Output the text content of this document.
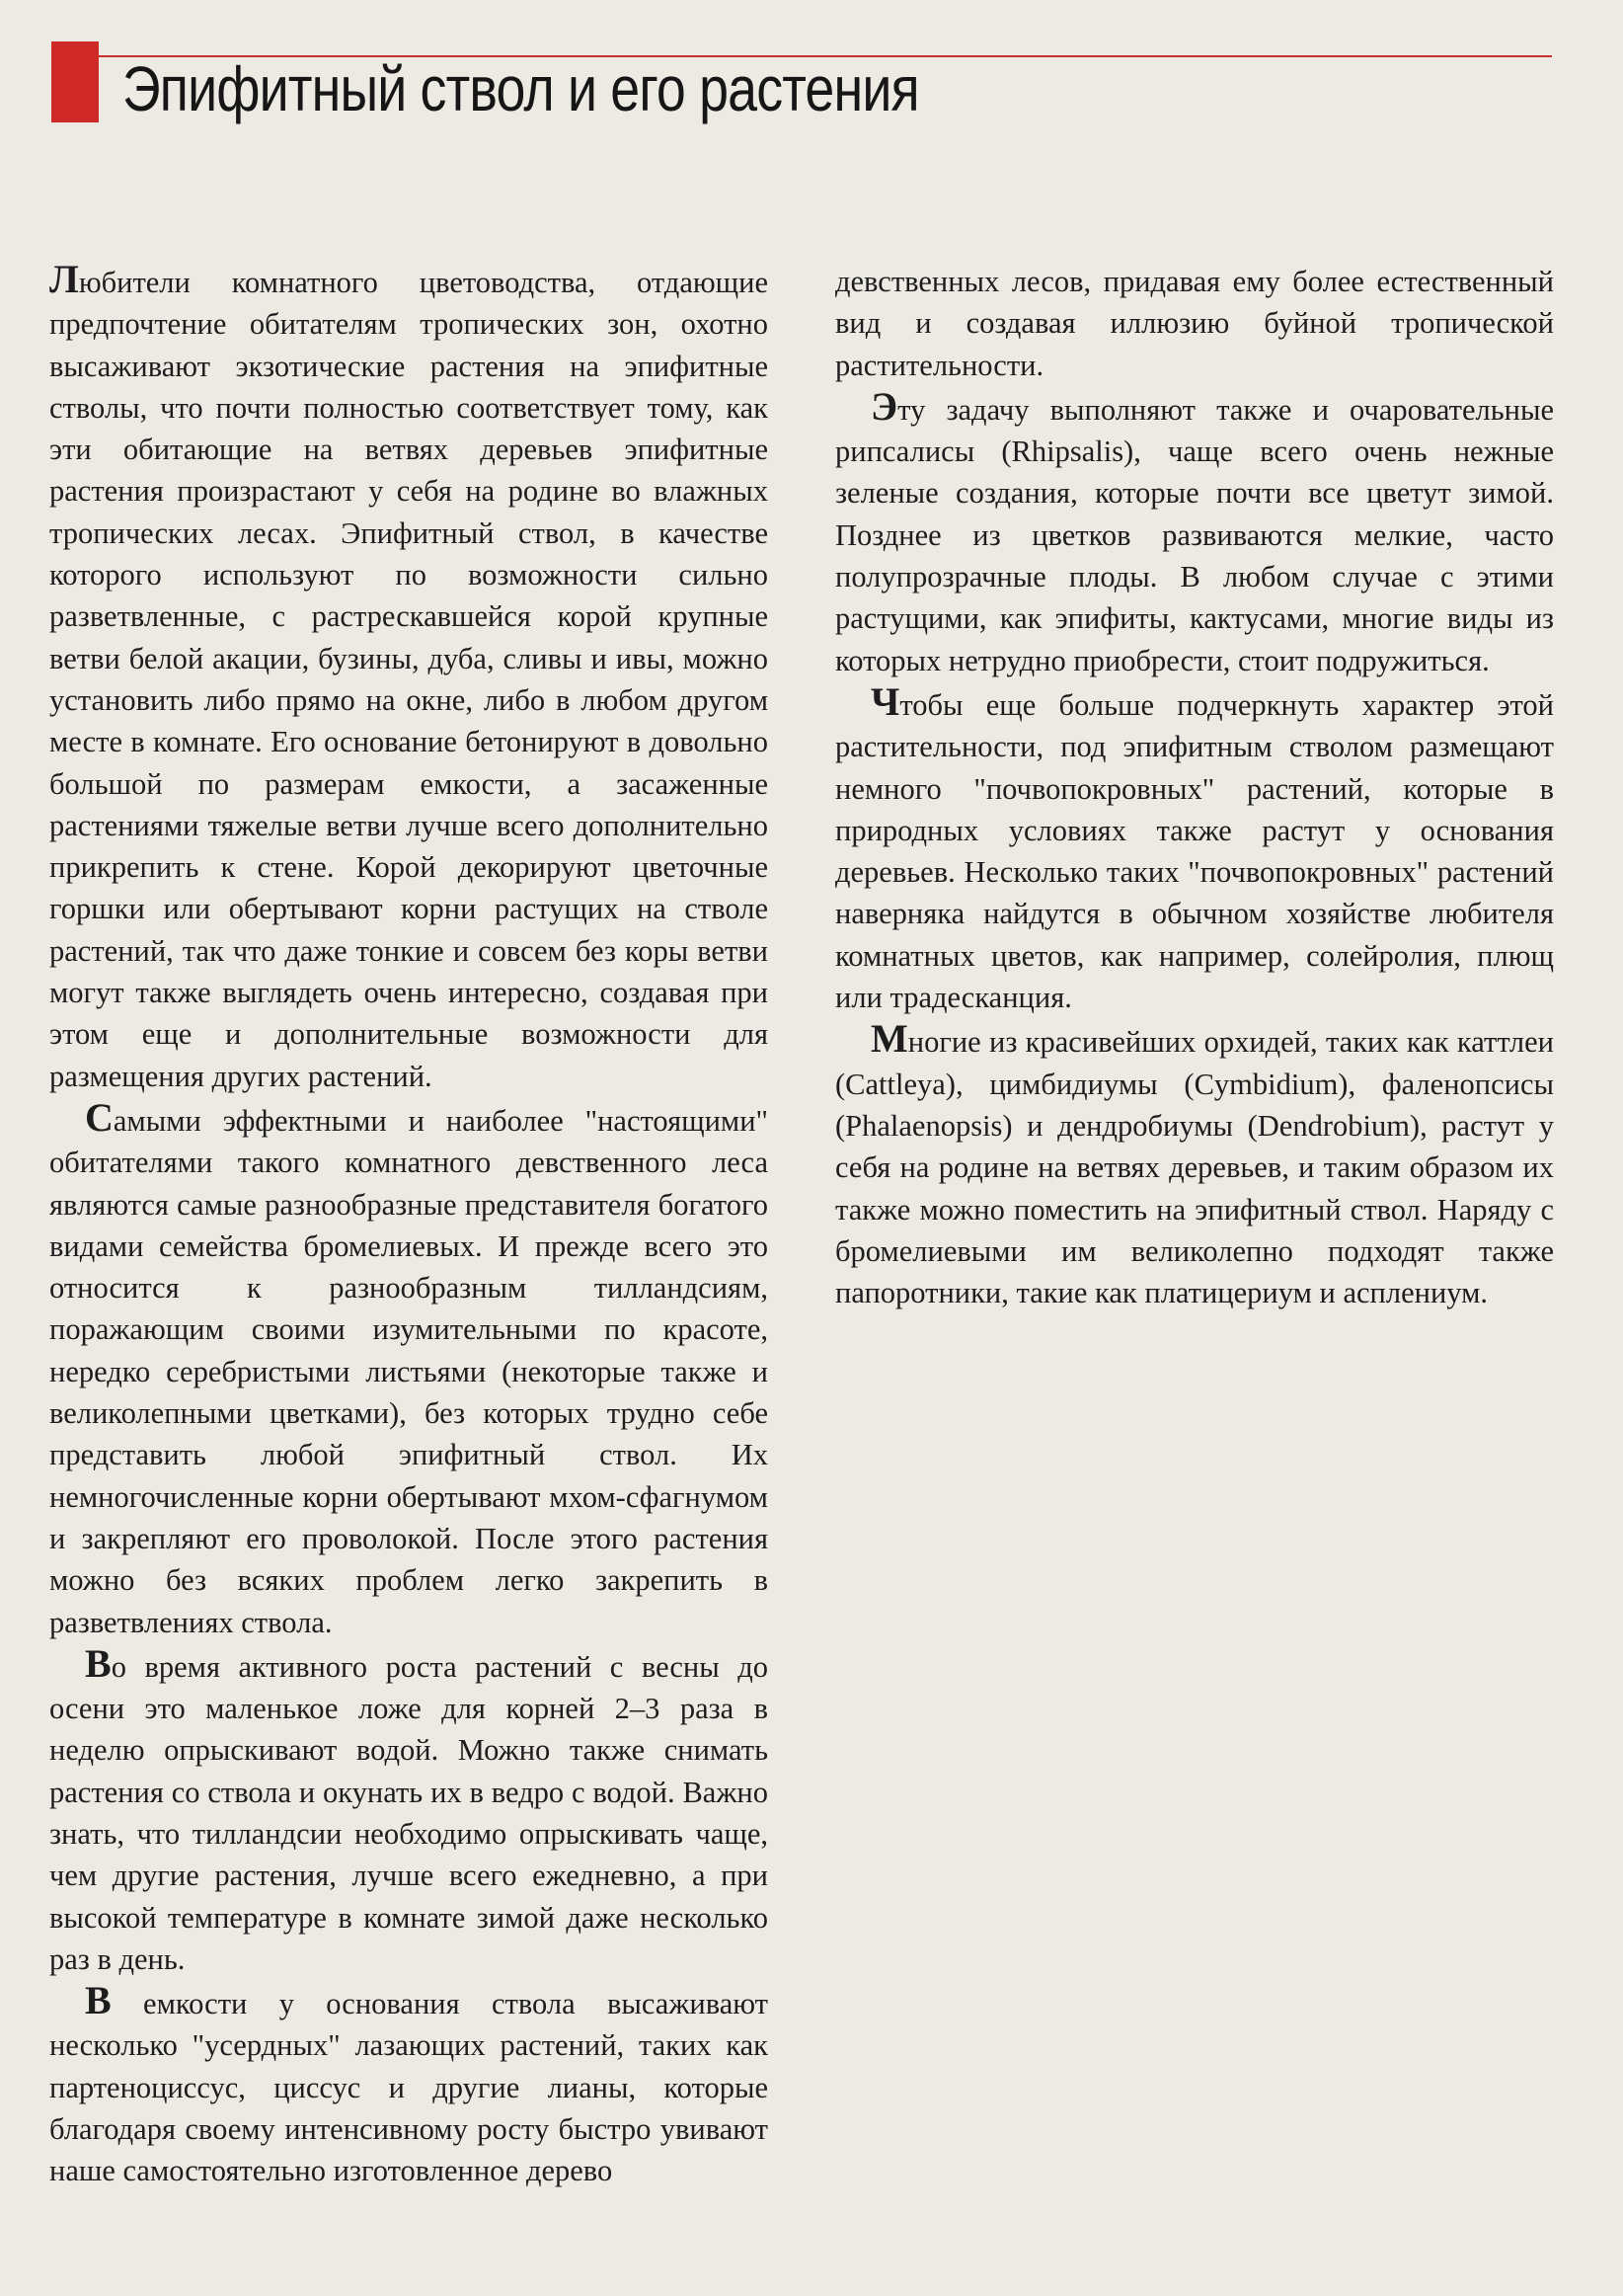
Эпифитный ствол и его растения

Любители комнатного цветоводства, отдающие предпочтение обитателям тропических зон, охотно высаживают экзотические растения на эпифитные стволы, что почти полностью соответствует тому, как эти обитающие на ветвях деревьев эпифитные растения произрастают у себя на родине во влажных тропических лесах. Эпифитный ствол, в качестве которого используют по возможности сильно разветвленные, с растрескавшейся корой крупные ветви белой акации, бузины, дуба, сливы и ивы, можно установить либо прямо на окне, либо в любом другом месте в комнате. Его основание бетонируют в довольно большой по размерам емкости, а засаженные растениями тяжелые ветви лучше всего дополнительно прикрепить к стене. Корой декорируют цветочные горшки или обертывают корни растущих на стволе растений, так что даже тонкие и совсем без коры ветви могут также выглядеть очень интересно, создавая при этом еще и дополнительные возможности для размещения других растений.

Самыми эффектными и наиболее "настоящими" обитателями такого комнатного девственного леса являются самые разнообразные представителя богатого видами семейства бромелиевых. И прежде всего это относится к разнообразным тилландсиям, поражающим своими изумительными по красоте, нередко серебристыми листьями (некоторые также и великолепными цветками), без которых трудно себе представить любой эпифитный ствол. Их немногочисленные корни обертывают мхом-сфагнумом и закрепляют его проволокой. После этого растения можно без всяких проблем легко закрепить в разветвлениях ствола.

Во время активного роста растений с весны до осени это маленькое ложе для корней 2–3 раза в неделю опрыскивают водой. Можно также снимать растения со ствола и окунать их в ведро с водой. Важно знать, что тилландсии необходимо опрыскивать чаще, чем другие растения, лучше всего ежедневно, а при высокой температуре в комнате зимой даже несколько раз в день.

В емкости у основания ствола высаживают несколько "усердных" лазающих растений, таких как партеноциссус, циссус и другие лианы, которые благодаря своему интенсивному росту быстро увивают наше самостоятельно изготовленное дерево

девственных лесов, придавая ему более естественный вид и создавая иллюзию буйной тропической растительности.

Эту задачу выполняют также и очаровательные рипсалисы (Rhipsalis), чаще всего очень нежные зеленые создания, которые почти все цветут зимой. Позднее из цветков развиваются мелкие, часто полупрозрачные плоды. В любом случае с этими растущими, как эпифиты, кактусами, многие виды из которых нетрудно приобрести, стоит подружиться.

Чтобы еще больше подчеркнуть характер этой растительности, под эпифитным стволом размещают немного "почвопокровных" растений, которые в природных условиях также растут у основания деревьев. Несколько таких "почвопокровных" растений наверняка найдутся в обычном хозяйстве любителя комнатных цветов, как например, солейролия, плющ или традесканция.

Многие из красивейших орхидей, таких как каттлеи (Cattleya), цимбидиумы (Cymbidium), фаленопсисы (Phalaenopsis) и дендробиумы (Dendrobium), растут у себя на родине на ветвях деревьев, и таким образом их также можно поместить на эпифитный ствол. Наряду с бромелиевыми им великолепно подходят также папоротники, такие как платицериум и асплениум.
